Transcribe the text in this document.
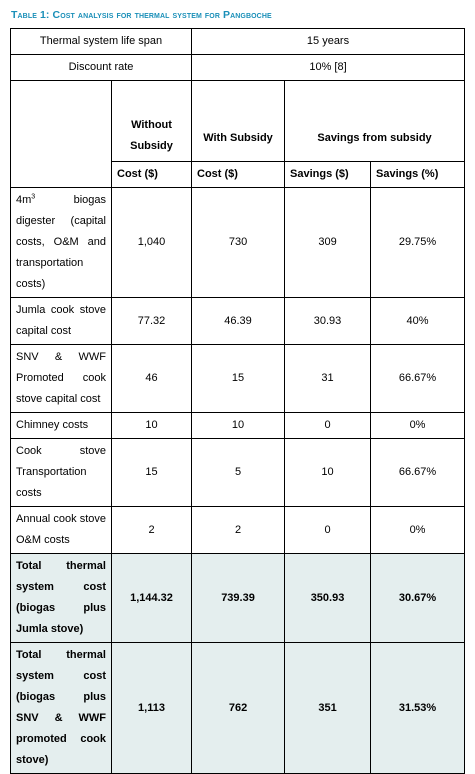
Table 1: Cost analysis for thermal system for Pangboche
Thermal system life span		15 years		
Discount rate		10% [8]		
	Without Subsidy	With Subsidy	Savings from subsidy	
	Cost ($)	Cost ($)	Savings ($)	Savings (%)
$4m^3$ biogas digester (capital costs, O&M and transportation costs)	1,040	730	309	29.75%
Jumla cook stove capital cost	77.32	46.39	30.93	40%
SNV & WWF Promoted cook stove capital cost	46	15	31	66.67%
Chimney costs	10	10	0	0%
Cook stove Transportation costs	15	5	10	66.67%
Annual cook stove O&M costs	2	2	0	0%
Total thermal system cost (biogas plus Jumla stove)	1,144.32	739.39	350.93	30.67%
Total thermal system cost (biogas plus SNV & WWF promoted cook stove)	1,113	762	351	31.53%
